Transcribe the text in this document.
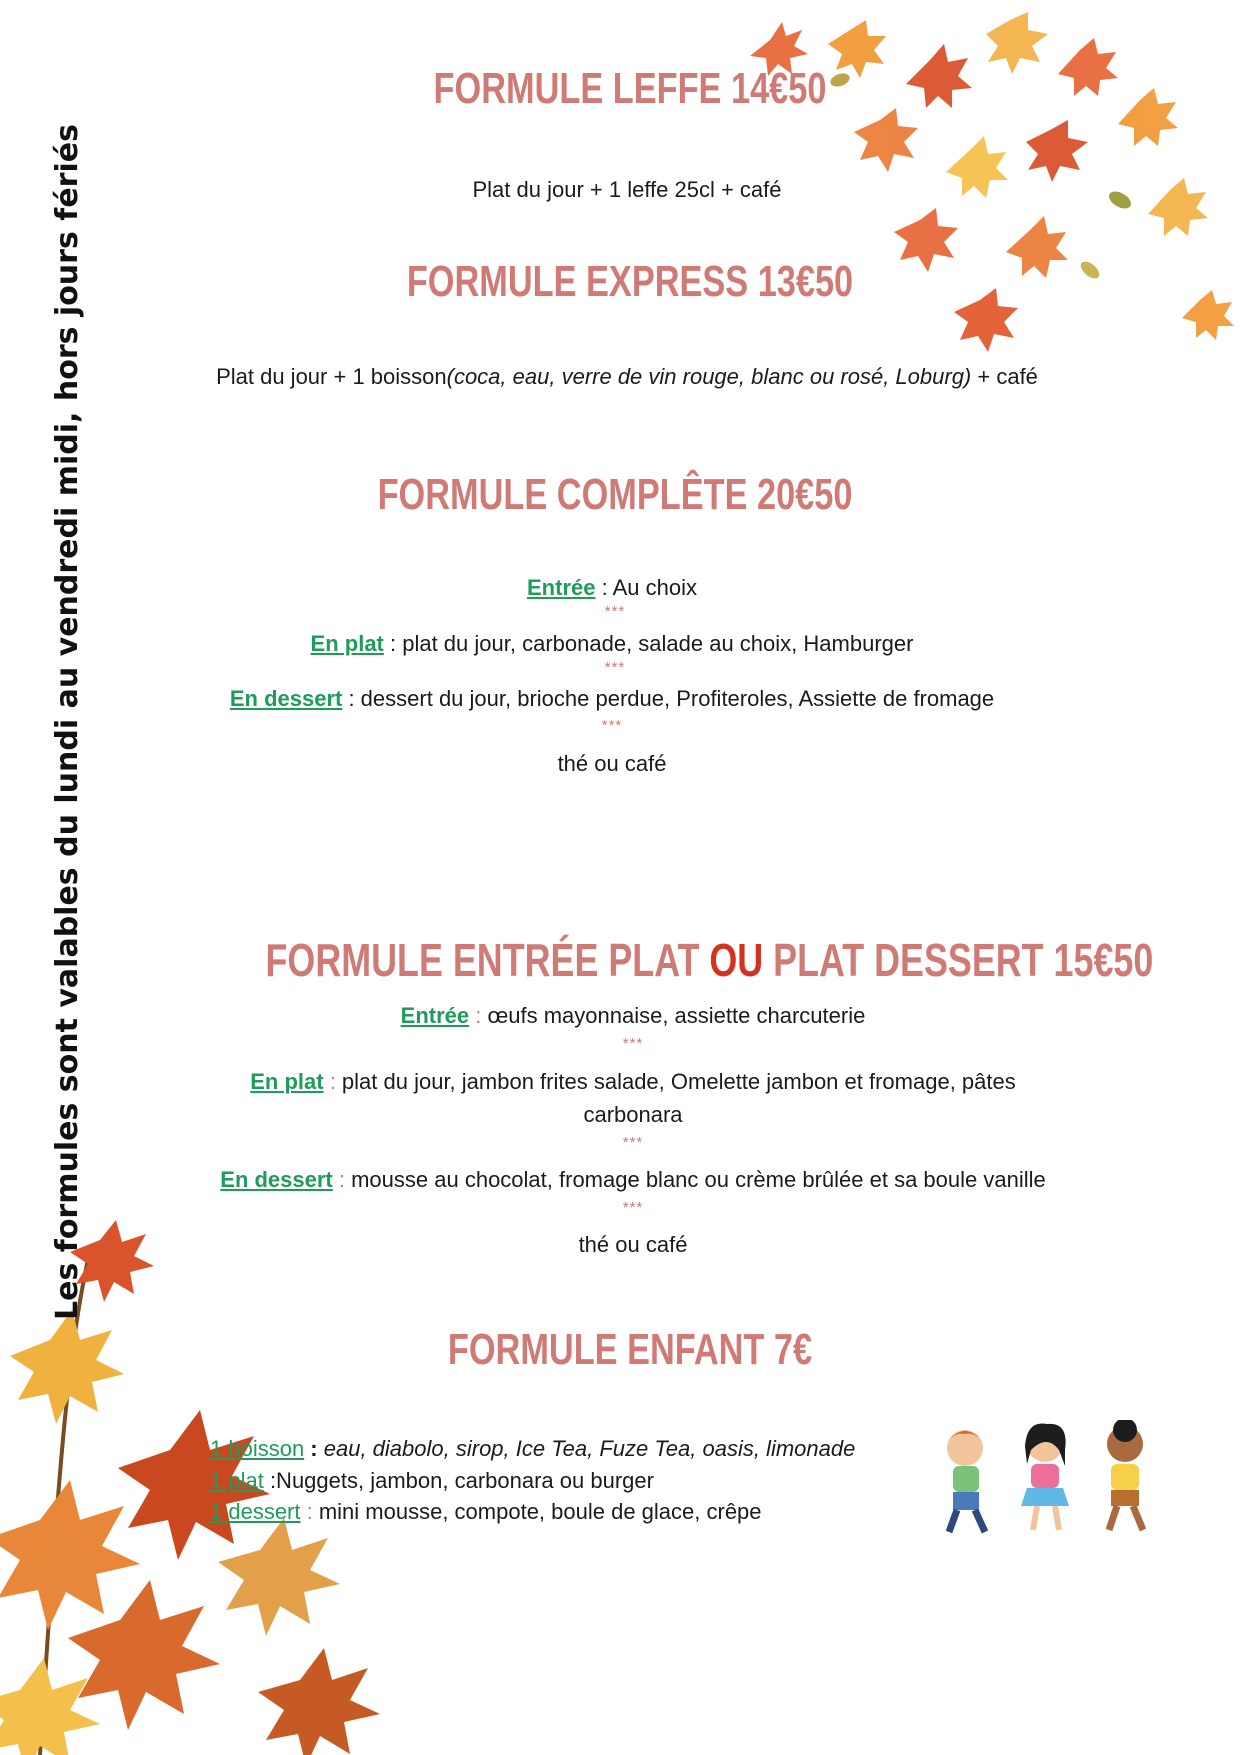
Les formules sont valables du lundi au vendredi midi, hors jours fériés
FORMULE LEFFE 14€50
Plat du jour + 1 leffe 25cl + café
FORMULE EXPRESS 13€50
Plat du jour + 1 boisson(coca, eau, verre de vin rouge, blanc ou rosé, Loburg) + café
FORMULE COMPLÊTE 20€50
Entrée : Au choix
***
En plat : plat du jour, carbonade, salade au choix, Hamburger
***
En dessert : dessert du jour, brioche perdue, Profiteroles, Assiette de fromage
***
thé ou café
FORMULE ENTRÉE PLAT OU PLAT DESSERT 15€50
Entrée : œufs mayonnaise, assiette charcuterie
***
En plat : plat du jour, jambon frites salade, Omelette jambon et fromage, pâtes
carbonara
***
En dessert : mousse au chocolat, fromage blanc ou crème brûlée et sa boule vanille
***
thé ou café
FORMULE ENFANT 7€
1 boisson : eau, diabolo, sirop, Ice Tea, Fuze Tea, oasis, limonade
1 plat :Nuggets, jambon, carbonara ou burger
1 dessert : mini mousse, compote, boule de glace, crêpe
